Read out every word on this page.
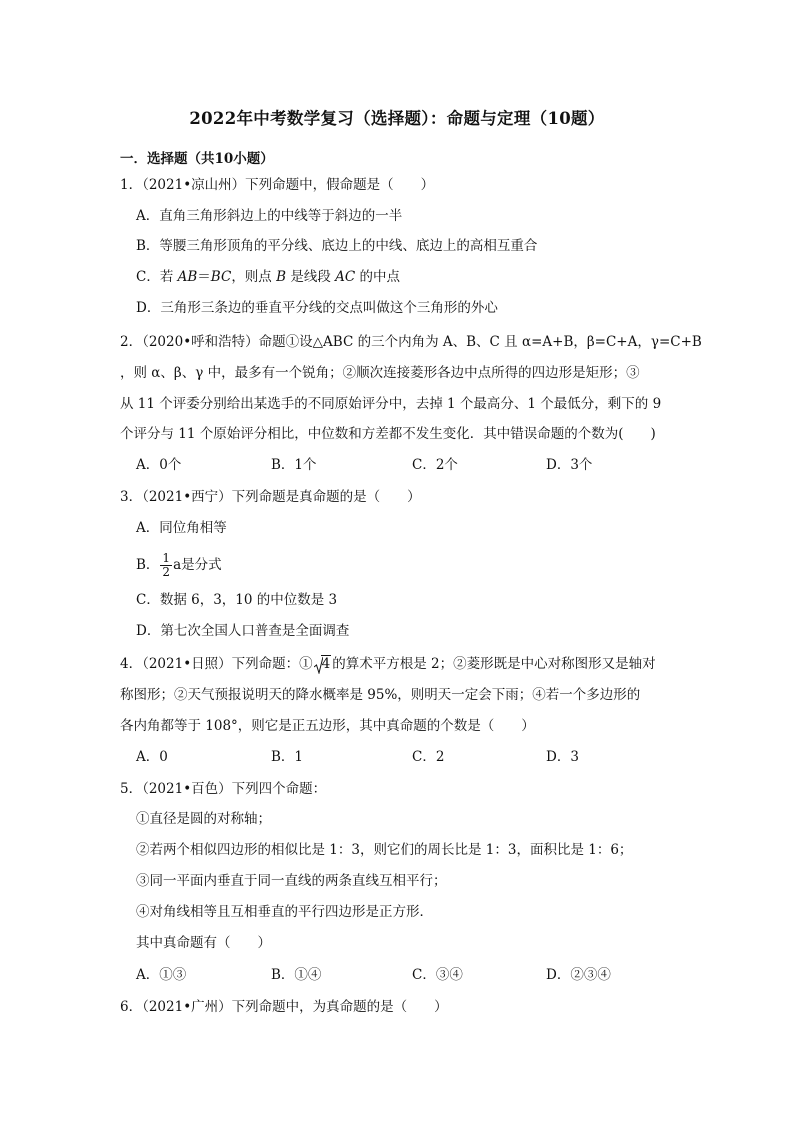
2022年中考数学复习（选择题）：命题与定理（10题）
一．选择题（共10小题）
1．（2021•凉山州）下列命题中，假命题是（　　）
A．直角三角形斜边上的中线等于斜边的一半
B．等腰三角形顶角的平分线、底边上的中线、底边上的高相互重合
C．若 AB＝BC，则点 B 是线段 AC 的中点
D．三角形三条边的垂直平分线的交点叫做这个三角形的外心
2．（2020•呼和浩特）命题①设△ABC 的三个内角为 A、B、C 且 α=A+B，β=C+A，γ=C+B
，则 α、β、γ 中，最多有一个锐角；②顺次连接菱形各边中点所得的四边形是矩形；③
从 11 个评委分别给出某选手的不同原始评分中，去掉 1 个最高分、1 个最低分，剩下的 9
个评分与 11 个原始评分相比，中位数和方差都不发生变化．其中错误命题的个数为(　　)
A．0个	B．1个	C．2个	D．3个
3．（2021•西宁）下列命题是真命题的是（　　）
A．同位角相等
B． $\frac{1}{2}$ a是分式
C．数据 6，3，10 的中位数是 3
D．第七次全国人口普查是全面调查
4．（2021•日照）下列命题：① 4 的算术平方根是 2；②菱形既是中心对称图形又是轴对
称图形；②天气预报说明天的降水概率是 95%，则明天一定会下雨；④若一个多边形的
各内角都等于 108°，则它是正五边形，其中真命题的个数是（　　）
A．0	B．1	C．2	D．3
5．（2021•百色）下列四个命题：
①直径是圆的对称轴；
②若两个相似四边形的相似比是 1：3，则它们的周长比是 1：3，面积比是 1：6；
③同一平面内垂直于同一直线的两条直线互相平行；
④对角线相等且互相垂直的平行四边形是正方形．
其中真命题有（　　）
A．①③	B．①④	C．③④	D．②③④
6．（2021•广州）下列命题中，为真命题的是（　　）
